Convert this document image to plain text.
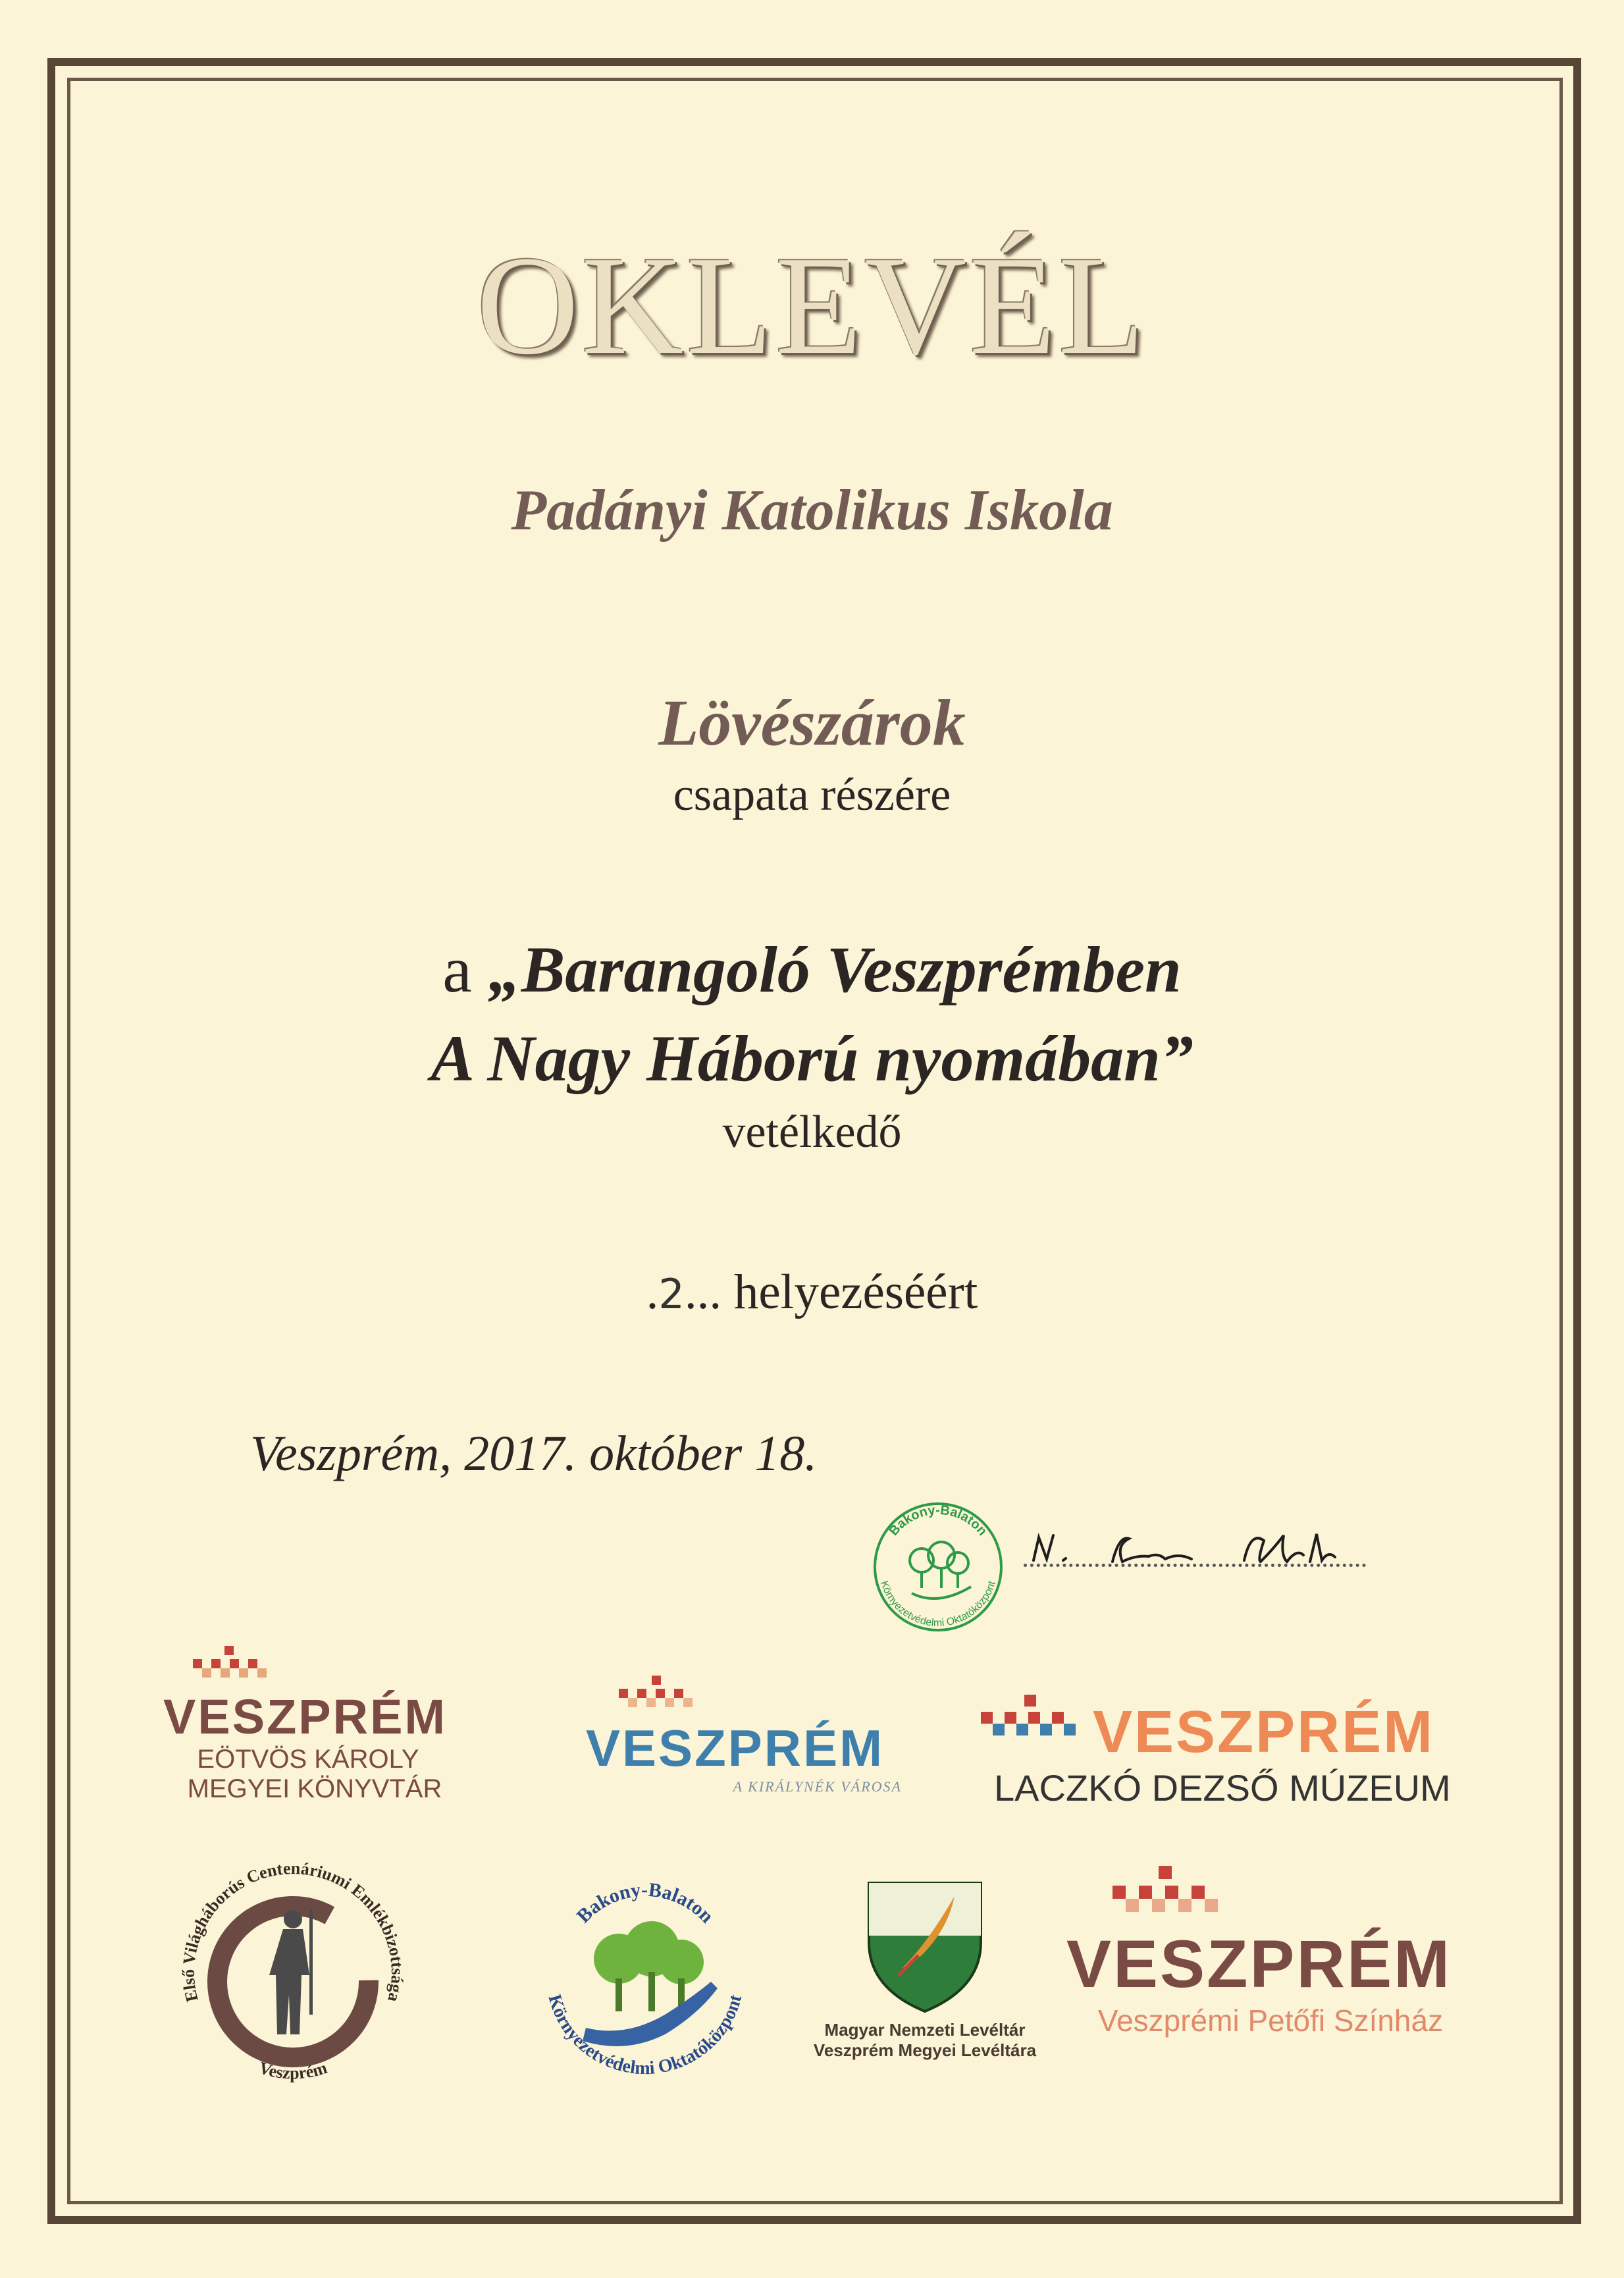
OKLEVÉL
Padányi Katolikus Iskola
Lövészárok
csapata részére
a „Barangoló Veszprémben
A Nagy Háború nyomában”
vetélkedő
.2... helyezéséért
Veszprém, 2017. október 18.
Bakony-Balaton
Környezetvédelmi Oktatóközpont
VESZPRÉM
EÖTVÖS KÁROLY
MEGYEI KÖNYVTÁR
VESZPRÉM
A KIRÁLYNÉK VÁROSA
VESZPRÉM
LACZKÓ DEZSŐ MÚZEUM
Első Világháborús Centenáriumi Emlékbizottsága
Veszprém
Bakony-Balaton
Környezetvédelmi Oktatóközpont
Magyar Nemzeti Levéltár
Veszprém Megyei Levéltára
VESZPRÉM
Veszprémi Petőfi Színház
